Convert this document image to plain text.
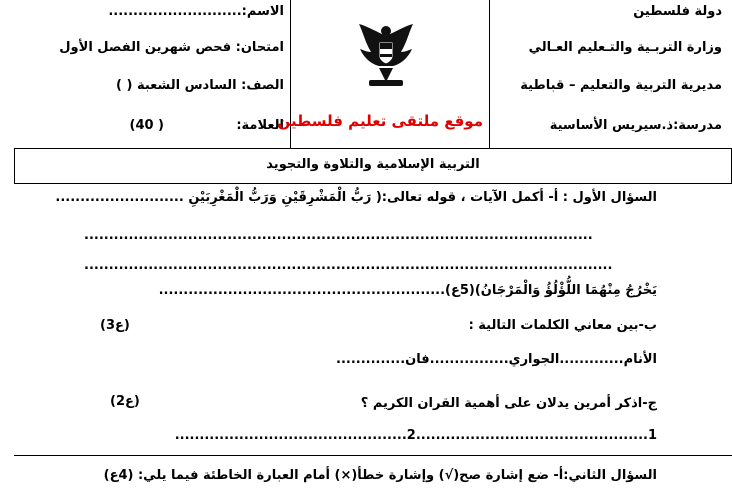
دولة فلسطين
وزارة التربـية والتـعليم العـالي
مديرية التربية والتعليم – قباطية
مدرسة:ذ.سيريس الأساسية
الاسم:...........................
امتحان: فحص شهرين الفصل الأول
الصف: السادس الشعبة ( )
العلامة:
( 40)	موقع ملتقى تعليم فلسطين
التربية الإسلامية والتلاوة والتجويد
السؤال الأول : أ- أكمل الآيات ، قوله تعالى:( رَبُّ الْمَشْرِقَيْنِ وَرَبُّ الْمَغْرِبَيْنِ ..........................
.......................................................................................................
...........................................................................................................
يَخْرُجُ مِنْهُمَا اللُّؤْلُؤُ وَالْمَرْجَانُ)(5ع)..........................................................
ب-بين معاني الكلمات التالية :
(3ع)
الأنام.............الجواري................فان..............
ج-اذكر أمرين يدلان على أهمية القران الكريم ؟
(2ع)
1...............................................2...............................................
السؤال الثاني:أ- ضع إشارة صح(√) وإشارة خطأ(×) أمام العبارة الخاطئة فيما يلي: (4ع)
